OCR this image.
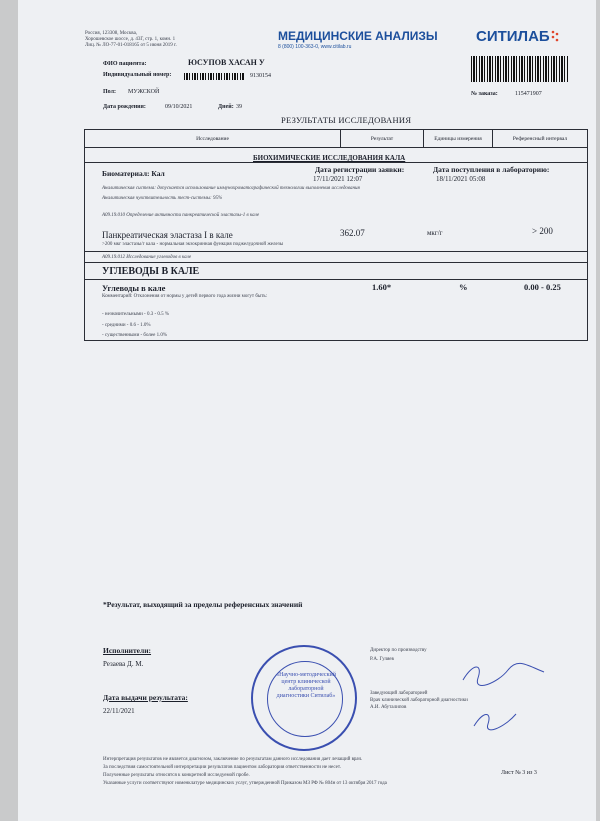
Россия, 123308, Москва,
Хорошевское шоссе, д. 43Г, стр. 1, комн. 1
Лиц. № ЛО-77-01-018165 от 5 июня 2019 г.
МЕДИЦИНСКИЕ АНАЛИЗЫ
8 (800) 100-363-0, www.citilab.ru
СИТИЛАБ
ФИО пациента:	ЮСУПОВ ХАСАН У
Индивидуальный номер:	9130154
Пол: МУЖСКОЙ
Дата рождения:	09/10/2021	Дней: 39
№ заказа:	115471907
РЕЗУЛЬТАТЫ ИССЛЕДОВАНИЯ
Исследование	Результат	Единицы измерения	Референсный интервал
БИОХИМИЧЕСКИЕ ИССЛЕДОВАНИЯ КАЛА
Биоматериал: Кал	Дата регистрации заявки:
17/11/2021 12:07
Дата поступления в лабораторию:
18/11/2021 05:08
Аналитическая система: допускается использование иммунохроматографической технологии выполнения исследования
Аналитическая чувствительность тест-системы: 95%
А09.19.010 Определение активности панкреатической эластазы-1 в кале
Панкреатическая эластаза I в кале	362.07	мкг/г	> 200
>200 мкг эластазы/г кала - нормальная экзокринная функция поджелудочной железы
А09.19.012 Исследование углеводов в кале
УГЛЕВОДЫ В КАЛЕ
Углеводы в кале	1.60*	%	0.00 - 0.25
Комментарий: Отклонения от нормы у детей первого года жизни могут быть:
- незначительными - 0.3 - 0.5 %
- средними - 0.6 - 1.0%
- существенными - более 1.0%
*Результат, выходящий за пределы референсных значений
Исполнители:
Резаева Д. М.
Дата выдачи результата:
22/11/2021
«Научно-методический центр клинической лабораторной диагностики Ситилаб»
Директор по производству
Р.А. Гуляев
Заведующий лабораторией
Врач клинической лабораторной диагностики
А.И. Абуталипов
Интерпретация результатов не является диагнозом, заключение по результатам данного исследования дает лечащий врач.
За последствия самостоятельной интерпретации результатов пациентом лаборатория ответственности не несет.
Полученные результаты относятся к конкретной исследуемой пробе.
Указанные услуги соответствуют номенклатуре медицинских услуг, утвержденной Приказом МЗ РФ № 804н от 13 октября 2017 года
Лист № 3 из 3
